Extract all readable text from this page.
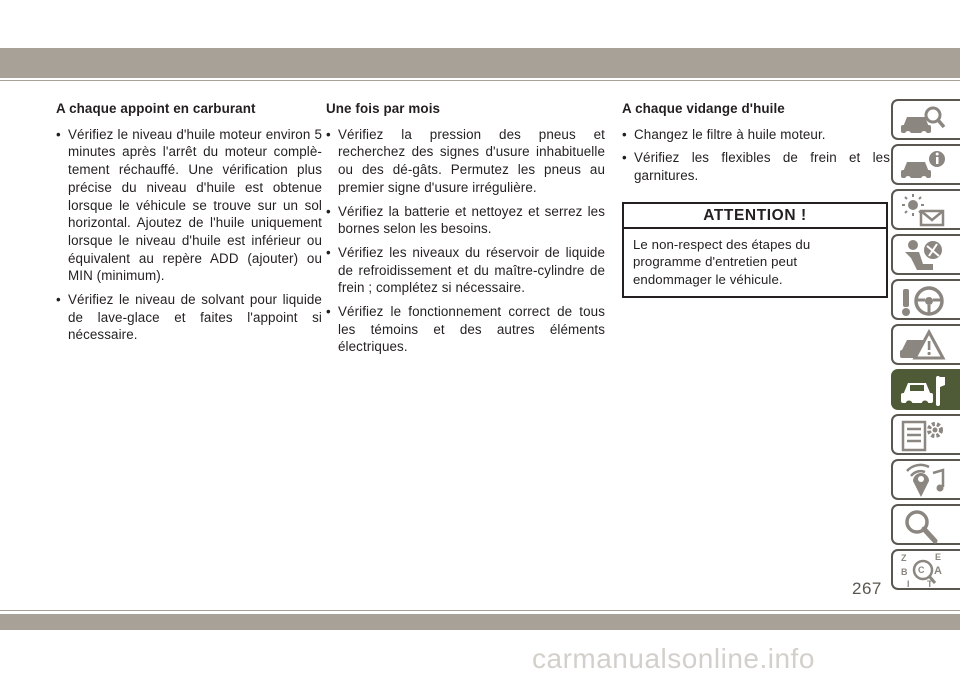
A chaque appoint en carburant
• Vérifiez le niveau d'huile moteur environ 5 minutes après l'arrêt du moteur complè-tement réchauffé. Une vérification plus précise du niveau d'huile est obtenue lorsque le véhicule se trouve sur un sol horizontal. Ajoutez de l'huile uniquement lorsque le niveau d'huile est inférieur ou équivalent au repère ADD (ajouter) ou MIN (minimum).
• Vérifiez le niveau de solvant pour liquide de lave-glace et faites l'appoint si nécessaire.
Une fois par mois
• Vérifiez la pression des pneus et recherchez des signes d'usure inhabituelle ou des dé-gâts. Permutez les pneus au premier signe d'usure irrégulière.
• Vérifiez la batterie et nettoyez et serrez les bornes selon les besoins.
• Vérifiez les niveaux du réservoir de liquide de refroidissement et du maître-cylindre de frein ; complétez si nécessaire.
• Vérifiez le fonctionnement correct de tous les témoins et des autres éléments électriques.
A chaque vidange d'huile
• Changez le filtre à huile moteur.
• Vérifiez les flexibles de frein et les garnitures.
ATTENTION !
Le non-respect des étapes du programme d'entretien peut endommager le véhicule.
Z	E
B A
I
C
T
267
carmanualsonline.info
